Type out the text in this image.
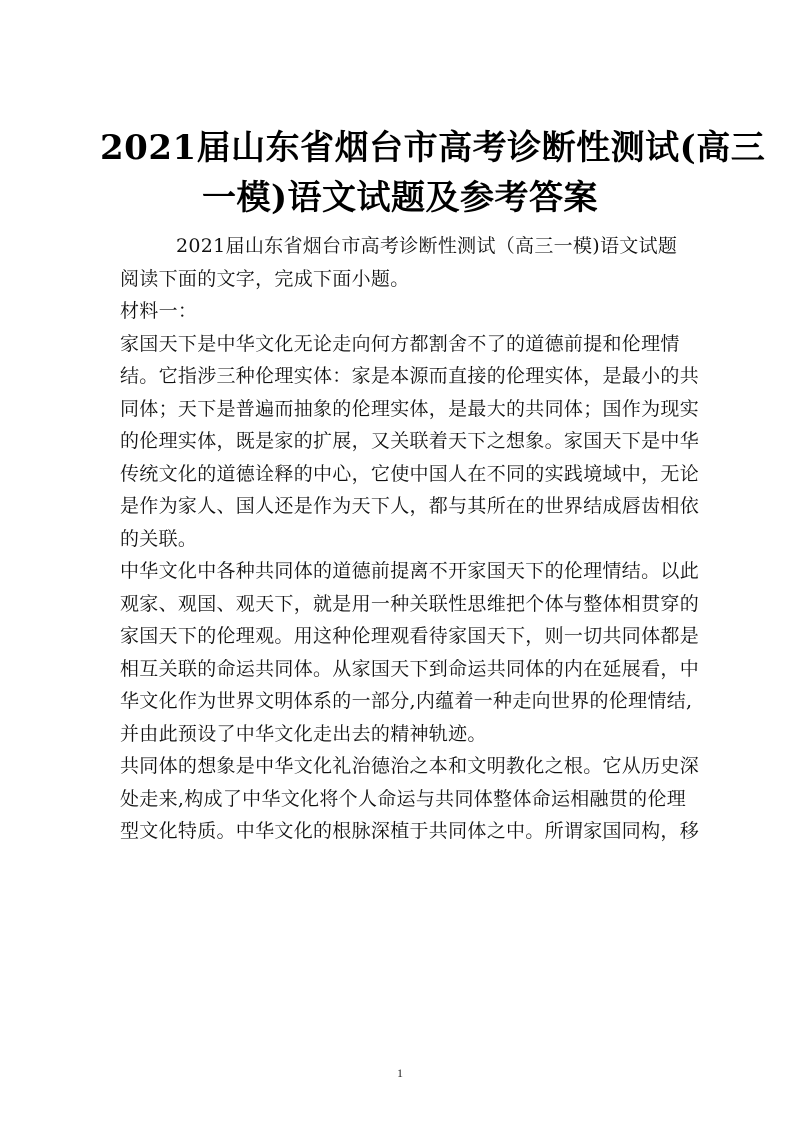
2021届山东省烟台市高考诊断性测试(高三
一模)语文试题及参考答案

2021届山东省烟台市高考诊断性测试（高三一模)语文试题

阅读下面的文字，完成下面小题。

材料一：

家国天下是中华文化无论走向何方都割舍不了的道德前提和伦理情
结。它指涉三种伦理实体：家是本源而直接的伦理实体，是最小的共
同体；天下是普遍而抽象的伦理实体，是最大的共同体；国作为现实
的伦理实体，既是家的扩展，又关联着天下之想象。家国天下是中华
传统文化的道德诠释的中心，它使中国人在不同的实践境域中，无论
是作为家人、国人还是作为天下人，都与其所在的世界结成唇齿相依
的关联。

中华文化中各种共同体的道德前提离不开家国天下的伦理情结。以此
观家、观国、观天下，就是用一种关联性思维把个体与整体相贯穿的
家国天下的伦理观。用这种伦理观看待家国天下，则一切共同体都是
相互关联的命运共同体。从家国天下到命运共同体的内在延展看，中
华文化作为世界文明体系的一部分,内蕴着一种走向世界的伦理情结,
并由此预设了中华文化走出去的精神轨迹。

共同体的想象是中华文化礼治德治之本和文明教化之根。它从历史深
处走来,构成了中华文化将个人命运与共同体整体命运相融贯的伦理
型文化特质。中华文化的根脉深植于共同体之中。所谓家国同构，移

1
